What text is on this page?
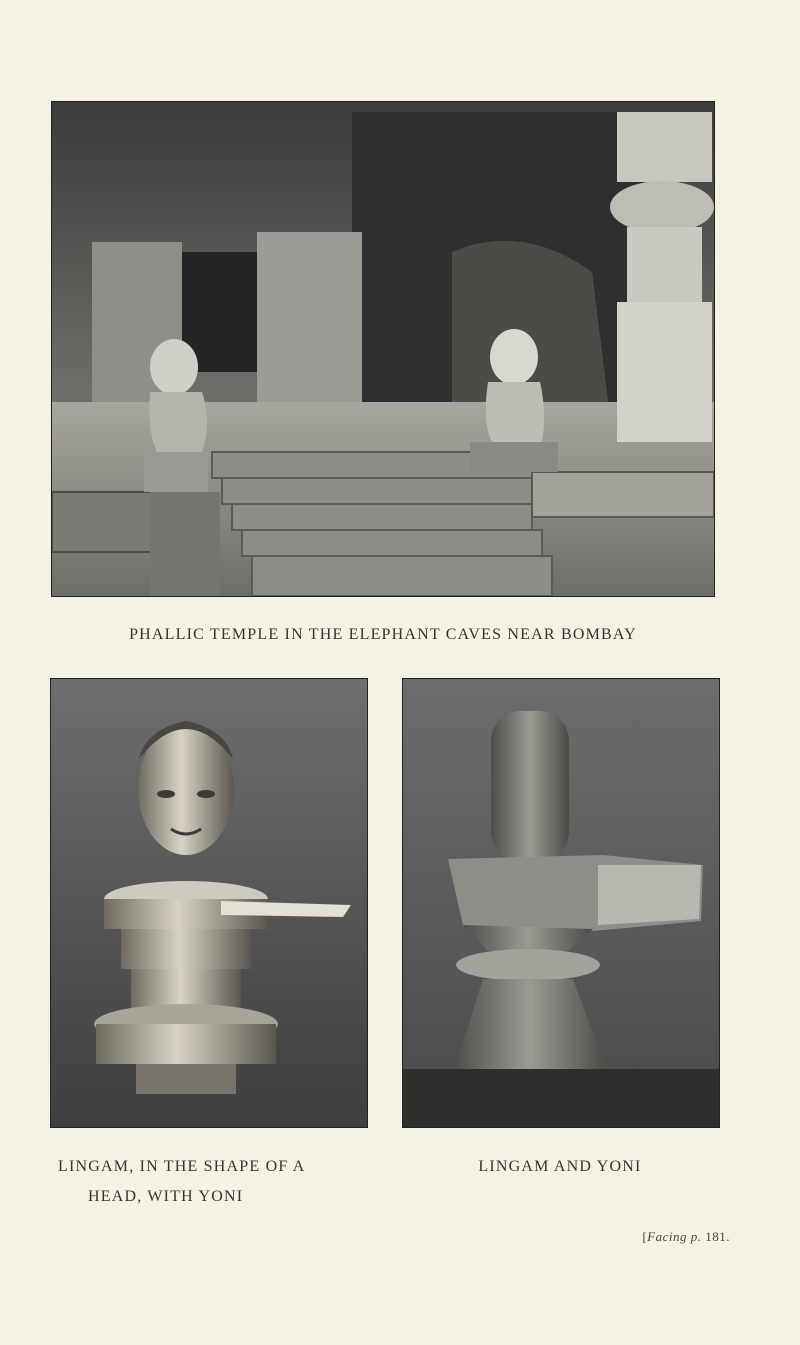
PHALLIC TEMPLE IN THE ELEPHANT CAVES NEAR BOMBAY
LINGAM, IN THE SHAPE OF A
HEAD, WITH YONI
LINGAM AND YONI
[Facing p. 181.
